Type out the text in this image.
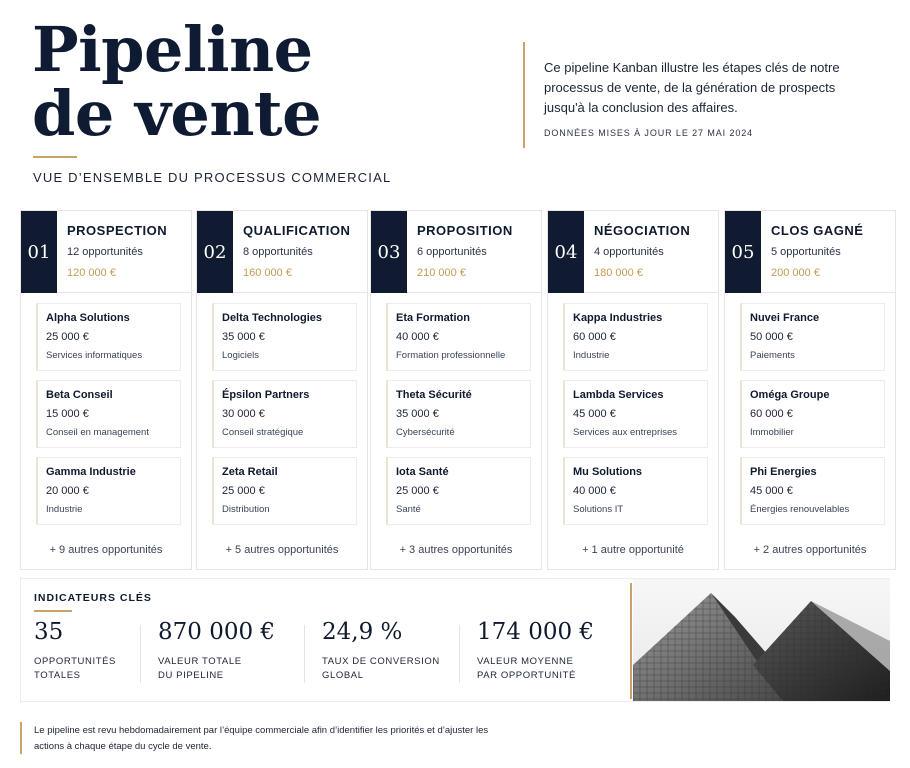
Pipeline
de vente
VUE D’ENSEMBLE DU PROCESSUS COMMERCIAL

Ce pipeline Kanban illustre les étapes clés de notre processus de vente, de la génération de prospects jusqu'à la conclusion des affaires.

DONNÉES MISES À JOUR LE 27 MAI 2024
01
PROSPECTION
12 opportunités
120 000 €
Alpha Solutions
25 000 €
Services informatiques
Beta Conseil
15 000 €
Conseil en management
Gamma Industrie
20 000 €
Industrie
+ 9 autres opportunités
02
QUALIFICATION
8 opportunités
160 000 €
Delta Technologies
35 000 €
Logiciels
Épsilon Partners
30 000 €
Conseil stratégique
Zeta Retail
25 000 €
Distribution
+ 5 autres opportunités
03
PROPOSITION
6 opportunités
210 000 €
Eta Formation
40 000 €
Formation professionnelle
Theta Sécurité
35 000 €
Cybersécurité
Iota Santé
25 000 €
Santé
+ 3 autres opportunités
04
NÉGOCIATION
4 opportunités
180 000 €
Kappa Industries
60 000 €
Industrie
Lambda Services
45 000 €
Services aux entreprises
Mu Solutions
40 000 €
Solutions IT
+ 1 autre opportunité
05
CLOS GAGNÉ
5 opportunités
200 000 €
Nuvei France
50 000 €
Paiements
Oméga Groupe
60 000 €
Immobilier
Phi Energies
45 000 €
Énergies renouvelables
+ 2 autres opportunités
INDICATEURS CLÉS
35
OPPORTUNITÉS
TOTALES
870 000 €
VALEUR TOTALE
DU PIPELINE
24,9 %
TAUX DE CONVERSION
GLOBAL
174 000 €
VALEUR MOYENNE
PAR OPPORTUNITÉ

Le pipeline est revu hebdomadairement par l’équipe commerciale afin d’identifier les priorités et d’ajuster les actions à chaque étape du cycle de vente.
